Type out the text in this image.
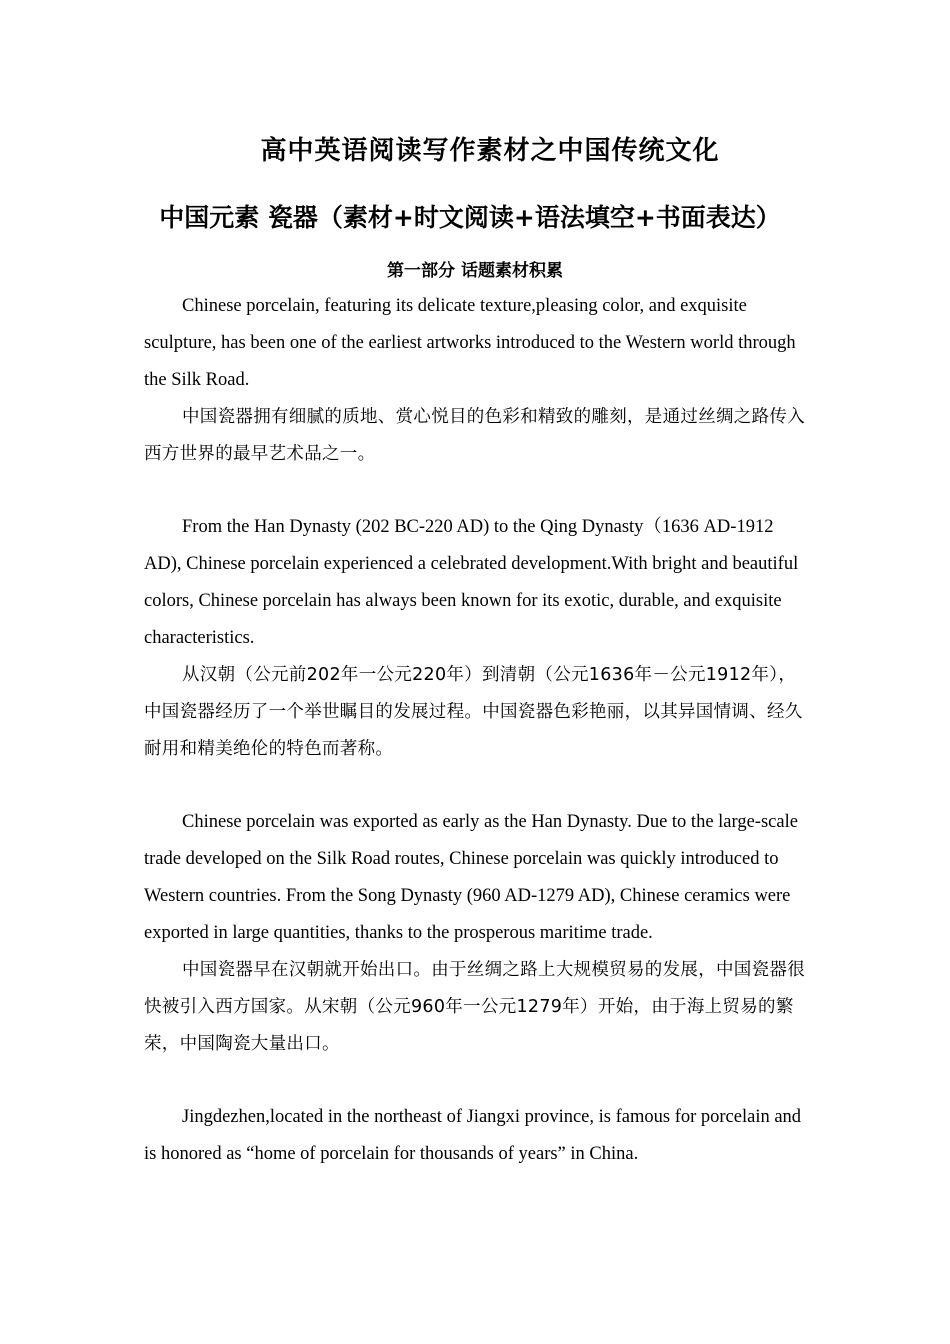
高中英语阅读写作素材之中国传统文化
中国元素 瓷器（素材+时文阅读+语法填空+书面表达）
第一部分 话题素材积累

Chinese porcelain, featuring its delicate texture,pleasing color, and exquisite sculpture, has been one of the earliest artworks introduced to the Western world through the Silk Road.

中国瓷器拥有细腻的质地、赏心悦目的色彩和精致的雕刻，是通过丝绸之路传入西方世界的最早艺术品之一。

From the Han Dynasty (202 BC-220 AD) to the Qing Dynasty（1636 AD-1912 AD), Chinese porcelain experienced a celebrated development.With bright and beautiful colors, Chinese porcelain has always been known for its exotic, durable, and exquisite characteristics.

从汉朝（公元前202年一公元220年）到清朝（公元1636年－公元1912年），中国瓷器经历了一个举世瞩目的发展过程。中国瓷器色彩艳丽，以其异国情调、经久耐用和精美绝伦的特色而著称。

Chinese porcelain was exported as early as the Han Dynasty. Due to the large-scale trade developed on the Silk Road routes, Chinese porcelain was quickly introduced to Western countries. From the Song Dynasty (960 AD-1279 AD), Chinese ceramics were exported in large quantities, thanks to the prosperous maritime trade.

中国瓷器早在汉朝就开始出口。由于丝绸之路上大规模贸易的发展，中国瓷器很快被引入西方国家。从宋朝（公元960年一公元1279年）开始，由于海上贸易的繁荣，中国陶瓷大量出口。

Jingdezhen,located in the northeast of Jiangxi province, is famous for porcelain and is honored as “home of porcelain for thousands of years” in China.
